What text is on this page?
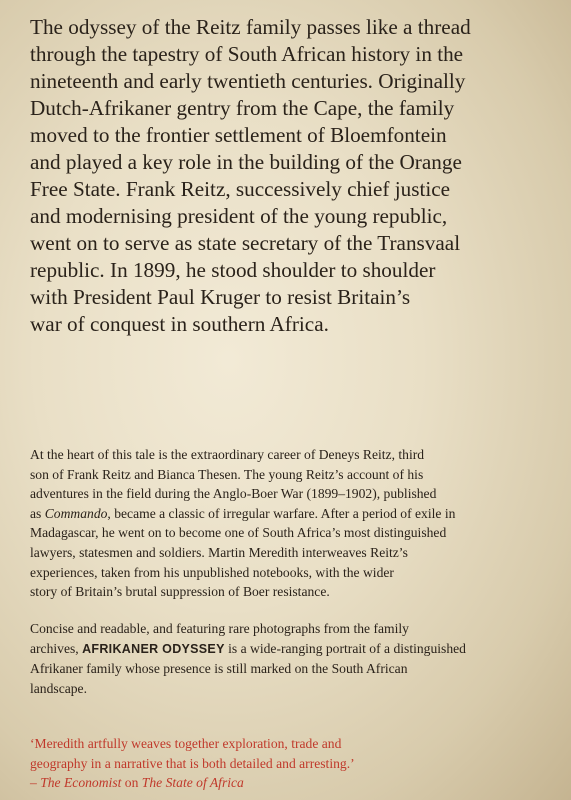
The odyssey of the Reitz family passes like a thread
through the tapestry of South African history in the
nineteenth and early twentieth centuries. Originally
Dutch-Afrikaner gentry from the Cape, the family
moved to the frontier settlement of Bloemfontein
and played a key role in the building of the Orange
Free State. Frank Reitz, successively chief justice
and modernising president of the young republic,
went on to serve as state secretary of the Transvaal
republic. In 1899, he stood shoulder to shoulder
with President Paul Kruger to resist Britain’s
war of conquest in southern Africa.

At the heart of this tale is the extraordinary career of Deneys Reitz, third
son of Frank Reitz and Bianca Thesen. The young Reitz’s account of his
adventures in the field during the Anglo-Boer War (1899–1902), published
as Commando, became a classic of irregular warfare. After a period of exile in
Madagascar, he went on to become one of South Africa’s most distinguished
lawyers, statesmen and soldiers. Martin Meredith interweaves Reitz’s
experiences, taken from his unpublished notebooks, with the wider
story of Britain’s brutal suppression of Boer resistance.

Concise and readable, and featuring rare photographs from the family
archives, AFRIKANER ODYSSEY is a wide-ranging portrait of a distinguished
Afrikaner family whose presence is still marked on the South African
landscape.

‘Meredith artfully weaves together exploration, trade and
geography in a narrative that is both detailed and arresting.’
– The Economist on The State of Africa
